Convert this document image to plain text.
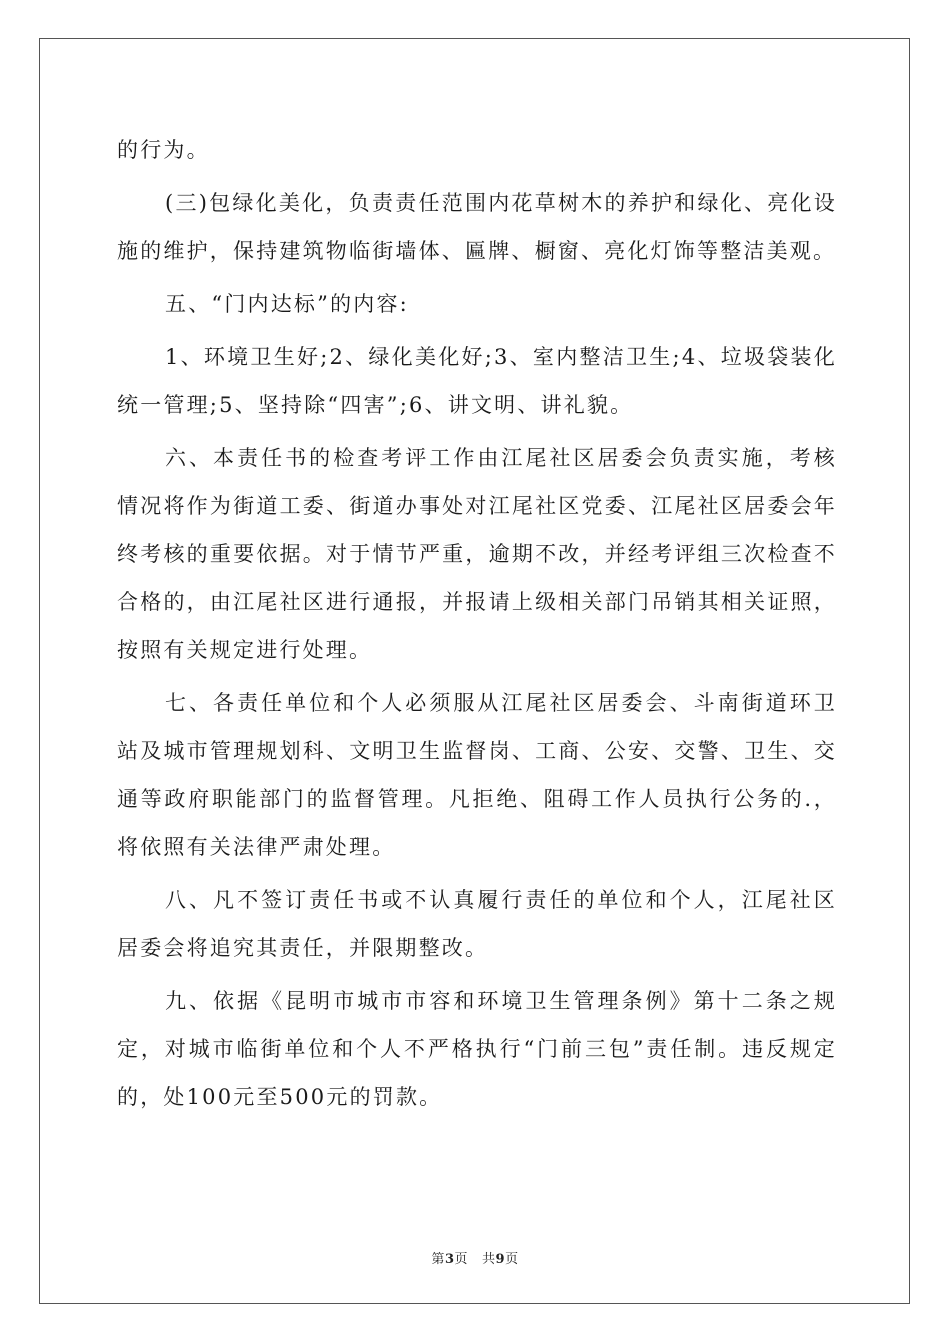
的行为。

(三)包绿化美化，负责责任范围内花草树木的养护和绿化、亮化设施的维护，保持建筑物临街墙体、匾牌、橱窗、亮化灯饰等整洁美观。

五、“门内达标”的内容:

1、环境卫生好;2、绿化美化好;3、室内整洁卫生;4、垃圾袋装化统一管理;5、坚持除“四害”;6、讲文明、讲礼貌。

六、本责任书的检查考评工作由江尾社区居委会负责实施，考核情况将作为街道工委、街道办事处对江尾社区党委、江尾社区居委会年终考核的重要依据。对于情节严重，逾期不改，并经考评组三次检查不合格的，由江尾社区进行通报，并报请上级相关部门吊销其相关证照，按照有关规定进行处理。

七、各责任单位和个人必须服从江尾社区居委会、斗南街道环卫站及城市管理规划科、文明卫生监督岗、工商、公安、交警、卫生、交通等政府职能部门的监督管理。凡拒绝、阻碍工作人员执行公务的.，将依照有关法律严肃处理。

八、凡不签订责任书或不认真履行责任的单位和个人，江尾社区居委会将追究其责任，并限期整改。

九、依据《昆明市城市市容和环境卫生管理条例》第十二条之规定，对城市临街单位和个人不严格执行“门前三包”责任制。违反规定的，处100元至500元的罚款。

第3页 共9页
